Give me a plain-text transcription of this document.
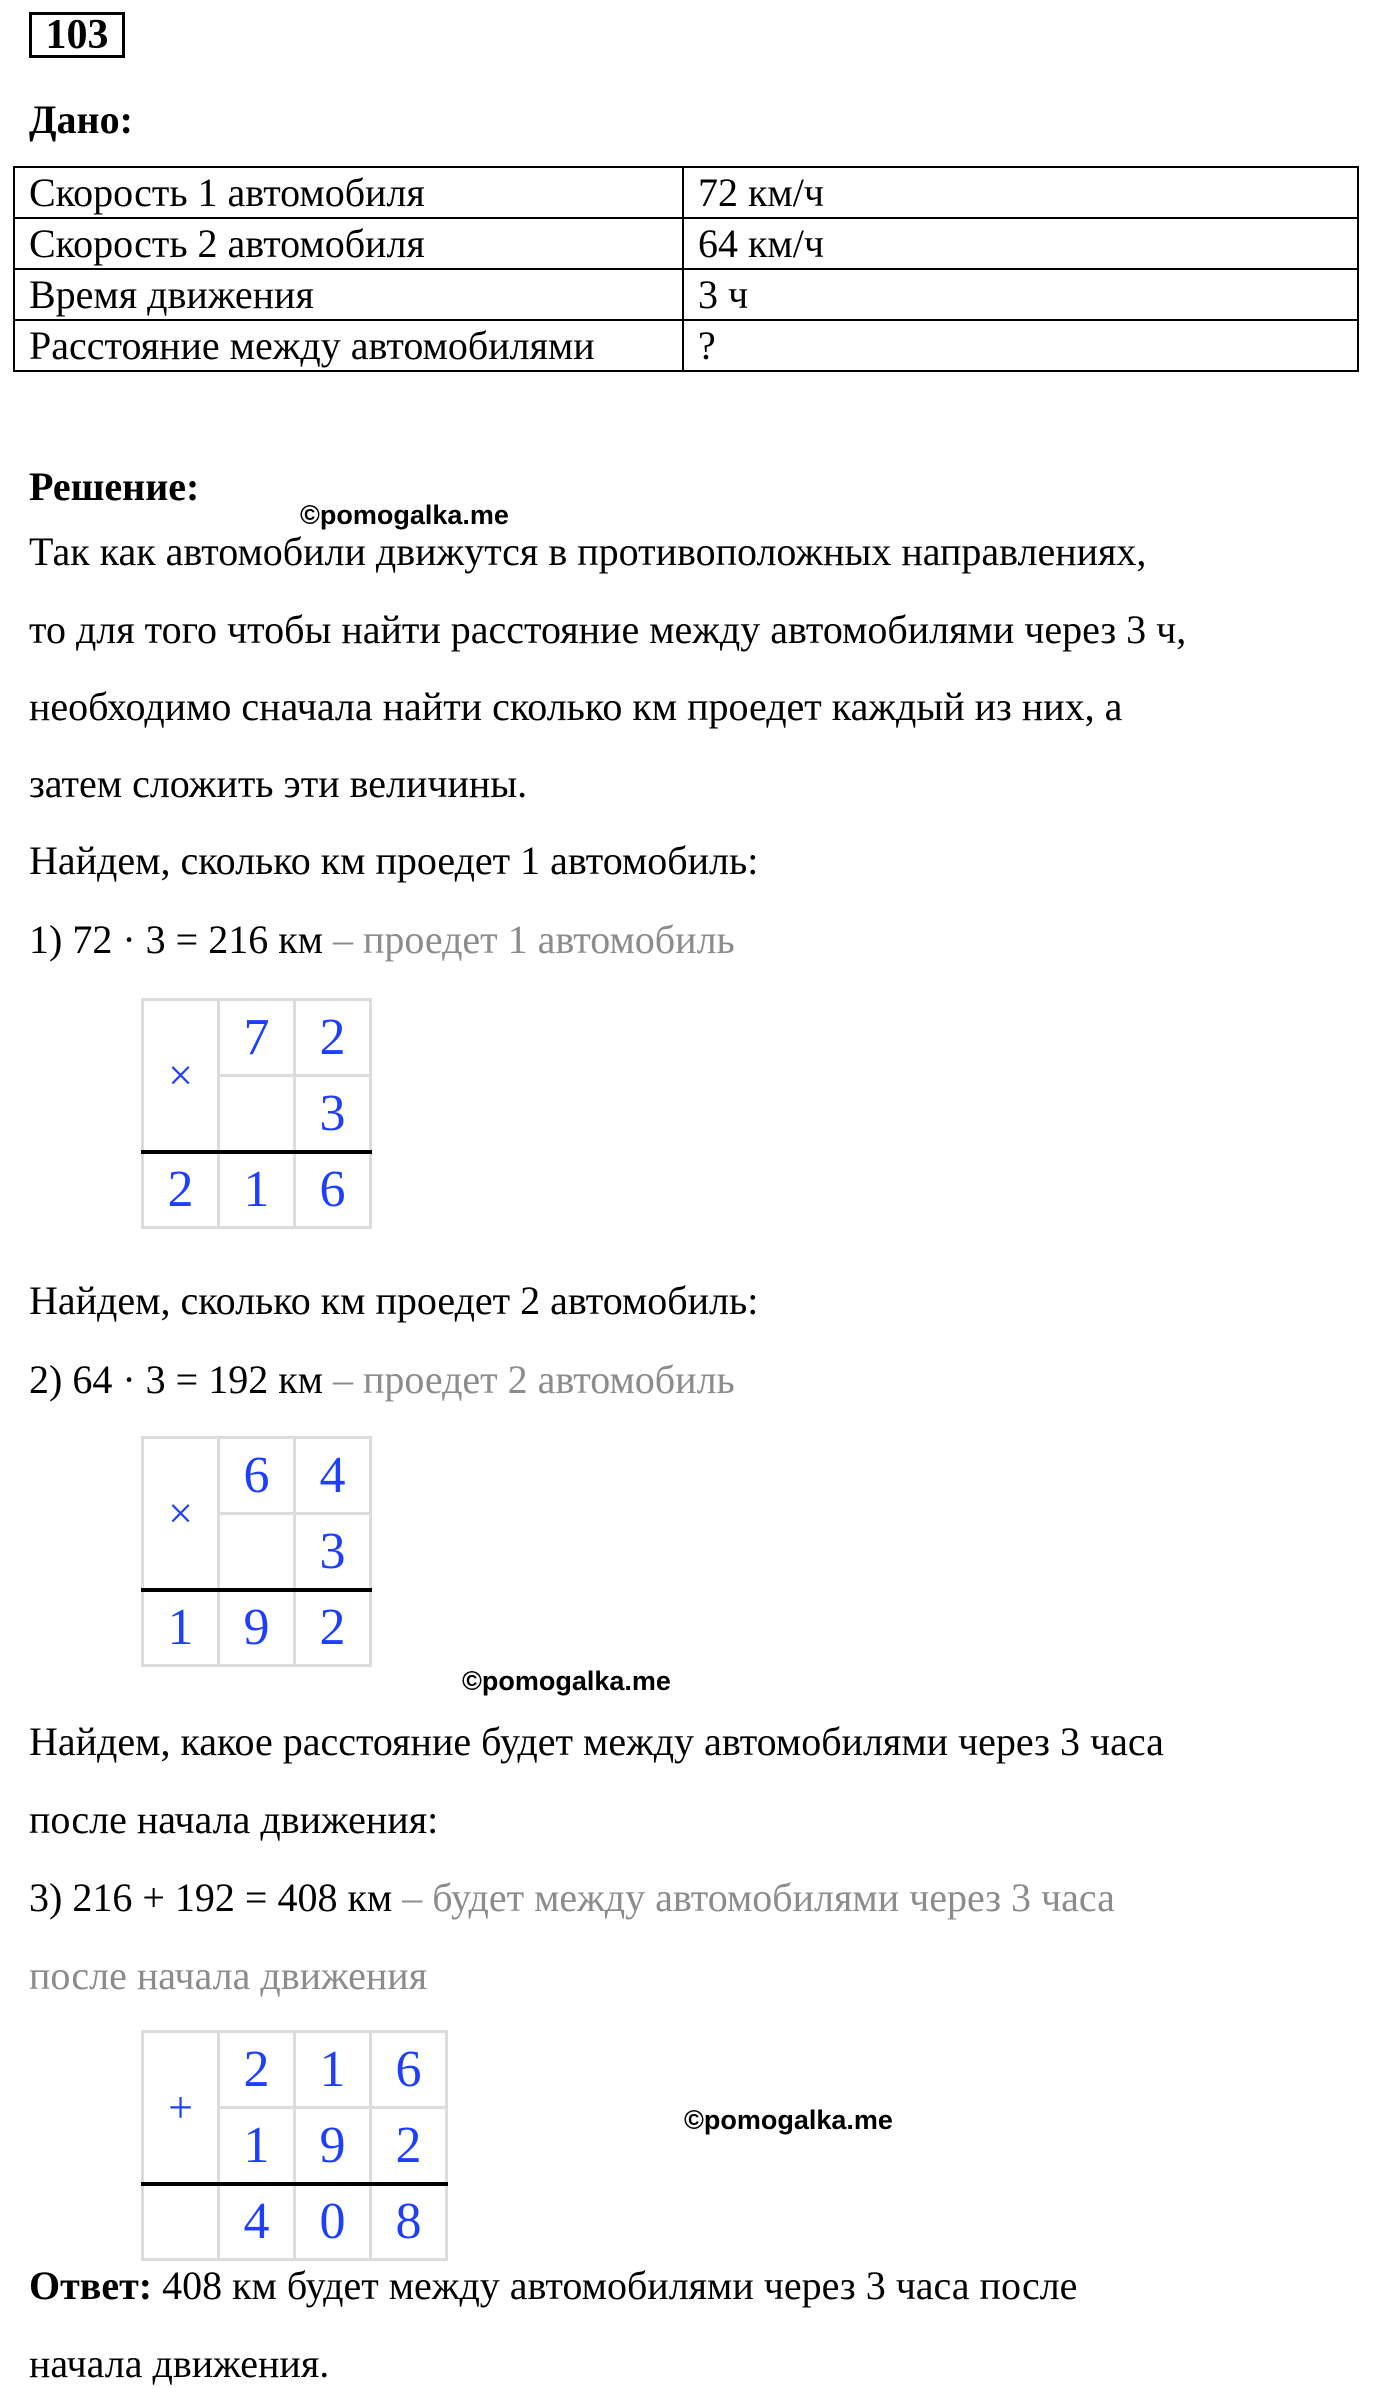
103
Дано:
Скорость 1 автомобиля	72 км/ч
Скорость 2 автомобиля	64 км/ч
Время движения	3 ч
Расстояние между автомобилями	?
Решение:
©pomogalka.me
Так как автомобили движутся в противоположных направлениях,
то для того чтобы найти расстояние между автомобилями через 3 ч,
необходимо сначала найти сколько км проедет каждый из них, а
затем сложить эти величины.
Найдем, сколько км проедет 1 автомобиль:
1) 72 · 3 = 216 км – проедет 1 автомобиль
×	7	2
		3
2	1	6
Найдем, сколько км проедет 2 автомобиль:
2) 64 · 3 = 192 км – проедет 2 автомобиль
×	6	4
		3
1	9	2
©pomogalka.me
Найдем, какое расстояние будет между автомобилями через 3 часа
после начала движения:
3) 216 + 192 = 408 км – будет между автомобилями через 3 часа
после начала движения
+	2	1	6
	1	9	2
	4	0	8
©pomogalka.me
Ответ: 408 км будет между автомобилями через 3 часа после
начала движения.
